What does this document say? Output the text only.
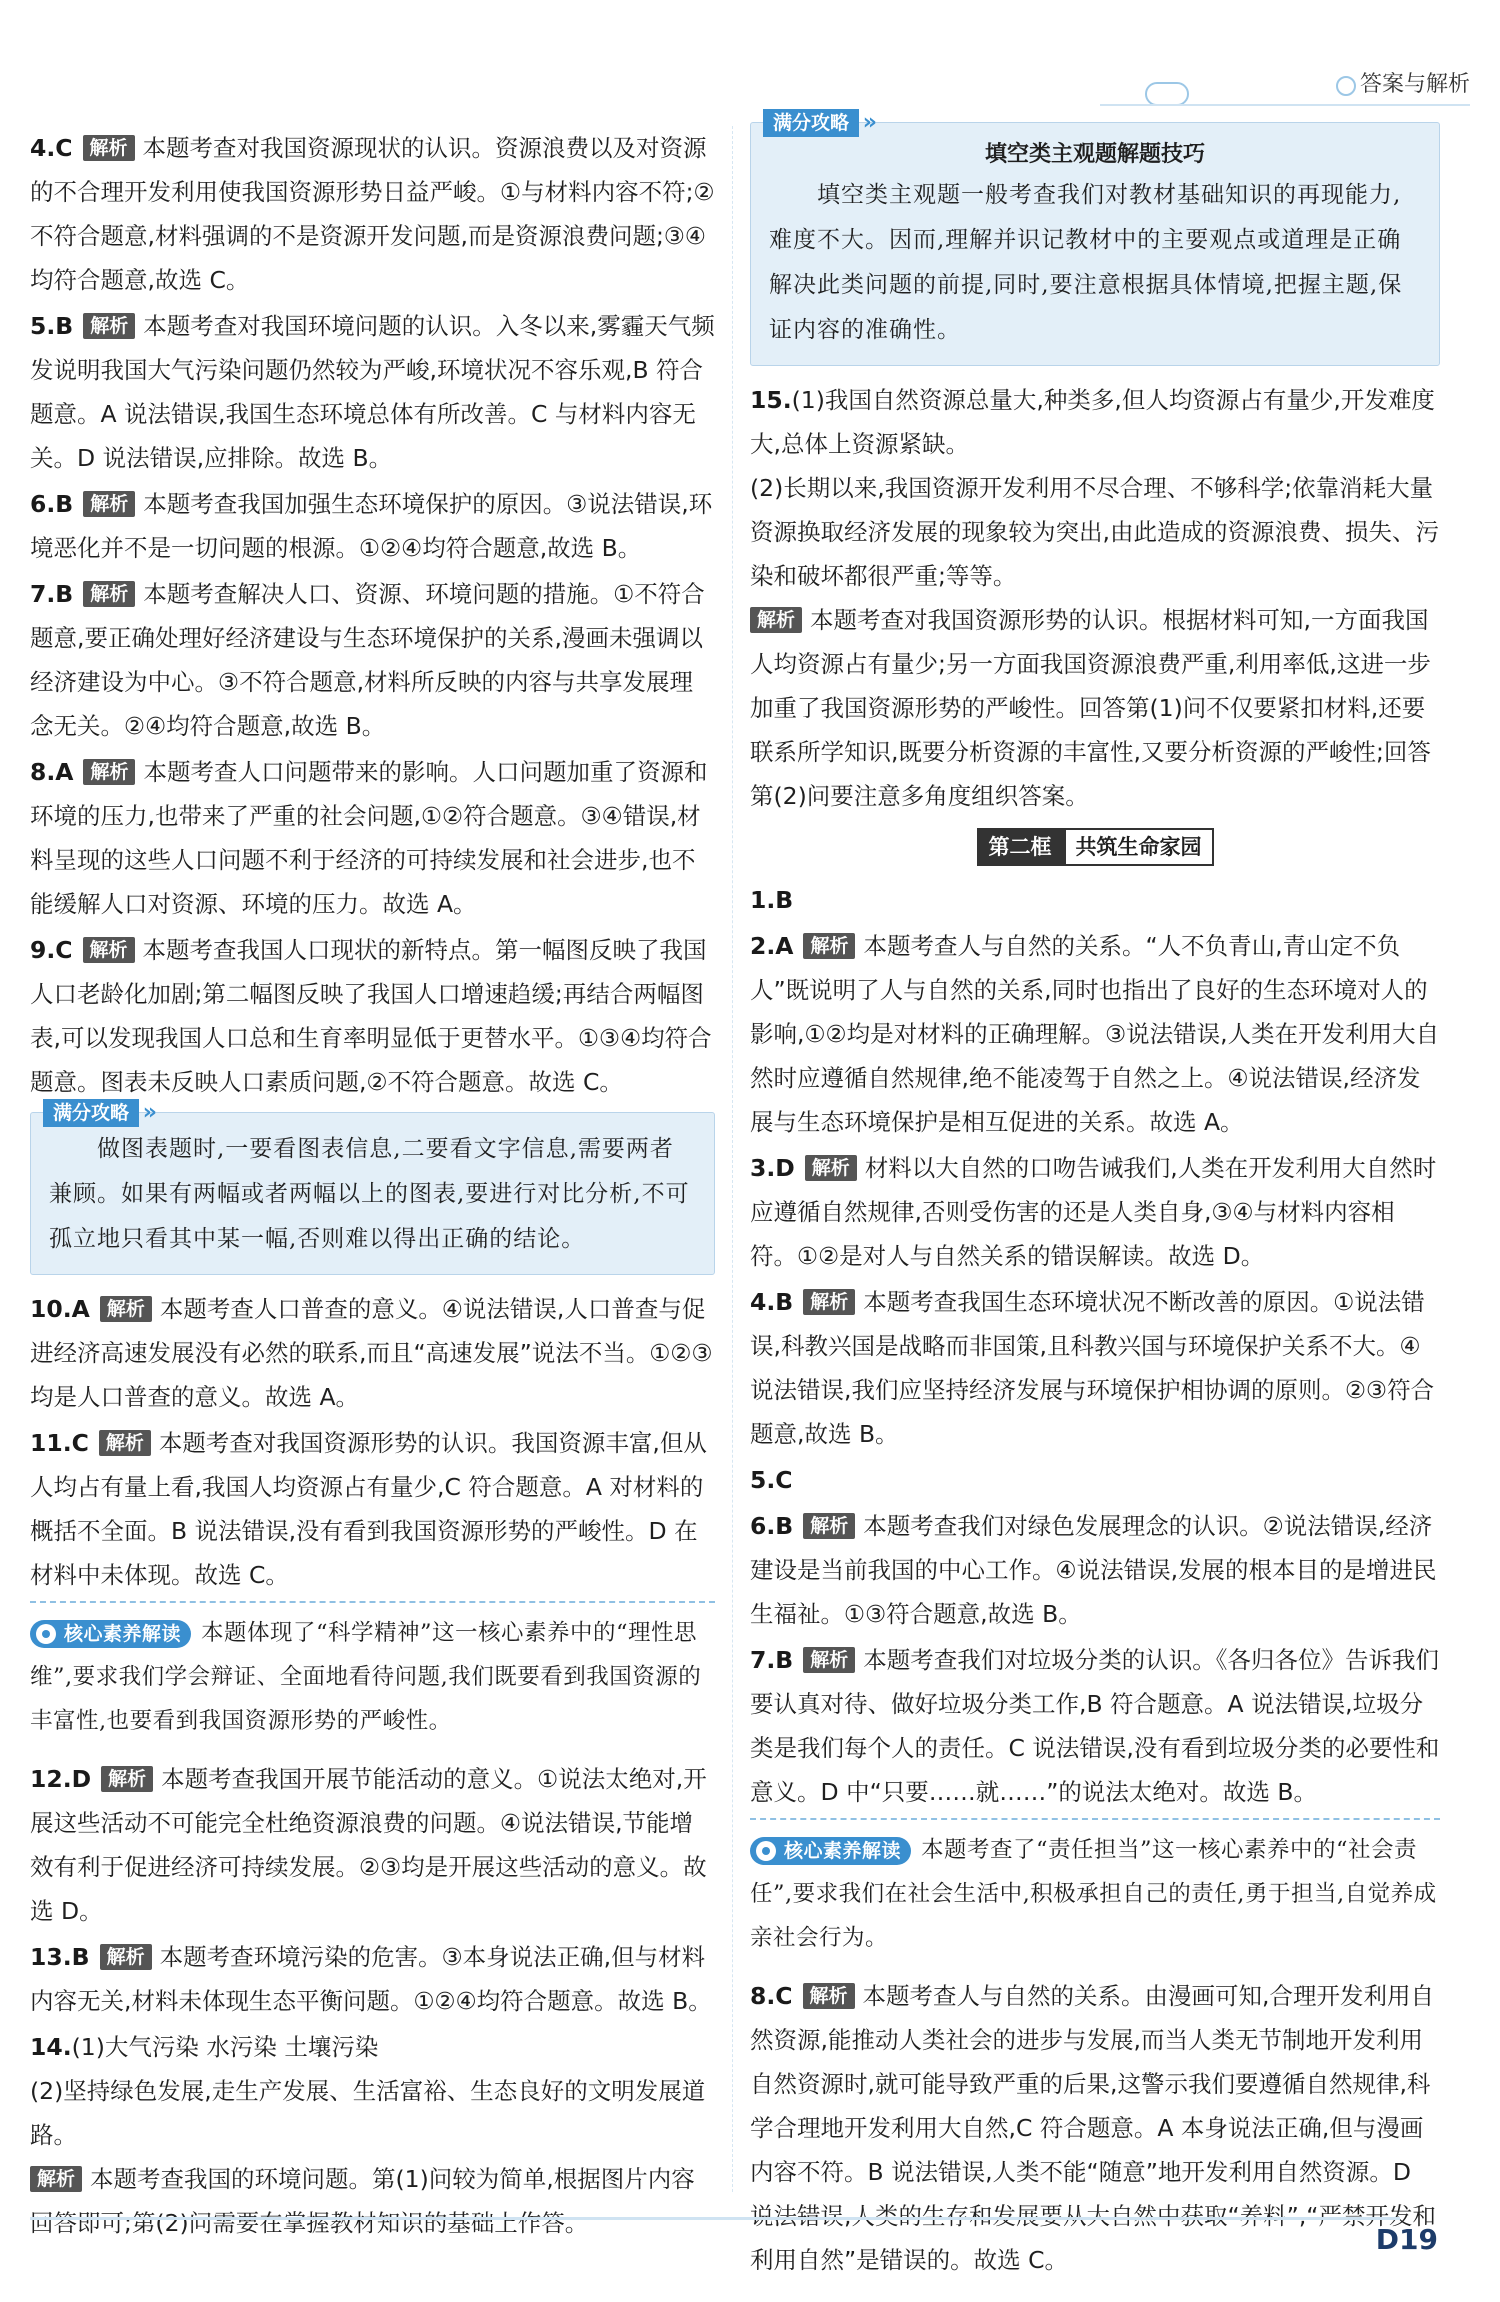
答案与解析
4.C 解析 本题考查对我国资源现状的认识。资源浪费以及对资源的不合理开发利用使我国资源形势日益严峻。①与材料内容不符;②不符合题意,材料强调的不是资源开发问题,而是资源浪费问题;③④均符合题意,故选 C。
5.B 解析 本题考查对我国环境问题的认识。入冬以来,雾霾天气频发说明我国大气污染问题仍然较为严峻,环境状况不容乐观,B 符合题意。A 说法错误,我国生态环境总体有所改善。C 与材料内容无关。D 说法错误,应排除。故选 B。
6.B 解析 本题考查我国加强生态环境保护的原因。③说法错误,环境恶化并不是一切问题的根源。①②④均符合题意,故选 B。
7.B 解析 本题考查解决人口、资源、环境问题的措施。①不符合题意,要正确处理好经济建设与生态环境保护的关系,漫画未强调以经济建设为中心。③不符合题意,材料所反映的内容与共享发展理念无关。②④均符合题意,故选 B。
8.A 解析 本题考查人口问题带来的影响。人口问题加重了资源和环境的压力,也带来了严重的社会问题,①②符合题意。③④错误,材料呈现的这些人口问题不利于经济的可持续发展和社会进步,也不能缓解人口对资源、环境的压力。故选 A。
9.C 解析 本题考查我国人口现状的新特点。第一幅图反映了我国人口老龄化加剧;第二幅图反映了我国人口增速趋缓;再结合两幅图表,可以发现我国人口总和生育率明显低于更替水平。①③④均符合题意。图表未反映人口素质问题,②不符合题意。故选 C。
满分攻略 »

做图表题时,一要看图表信息,二要看文字信息,需要两者兼顾。如果有两幅或者两幅以上的图表,要进行对比分析,不可孤立地只看其中某一幅,否则难以得出正确的结论。

10.A 解析 本题考查人口普查的意义。④说法错误,人口普查与促进经济高速发展没有必然的联系,而且“高速发展”说法不当。①②③均是人口普查的意义。故选 A。
11.C 解析 本题考查对我国资源形势的认识。我国资源丰富,但从人均占有量上看,我国人均资源占有量少,C 符合题意。A 对材料的概括不全面。B 说法错误,没有看到我国资源形势的严峻性。D 在材料中未体现。故选 C。
核心素养解读 本题体现了“科学精神”这一核心素养中的“理性思维”,要求我们学会辩证、全面地看待问题,我们既要看到我国资源的丰富性,也要看到我国资源形势的严峻性。
12.D 解析 本题考查我国开展节能活动的意义。①说法太绝对,开展这些活动不可能完全杜绝资源浪费的问题。④说法错误,节能增效有利于促进经济可持续发展。②③均是开展这些活动的意义。故选 D。
13.B 解析 本题考查环境污染的危害。③本身说法正确,但与材料内容无关,材料未体现生态平衡问题。①②④均符合题意。故选 B。
14.(1)大气污染 水污染 土壤污染
(2)坚持绿色发展,走生产发展、生活富裕、生态良好的文明发展道路。
解析 本题考查我国的环境问题。第(1)问较为简单,根据图片内容回答即可;第(2)问需要在掌握教材知识的基础上作答。
满分攻略 »
填空类主观题解题技巧

填空类主观题一般考查我们对教材基础知识的再现能力,难度不大。因而,理解并识记教材中的主要观点或道理是正确解决此类问题的前提,同时,要注意根据具体情境,把握主题,保证内容的准确性。

15.(1)我国自然资源总量大,种类多,但人均资源占有量少,开发难度大,总体上资源紧缺。
(2)长期以来,我国资源开发利用不尽合理、不够科学;依靠消耗大量资源换取经济发展的现象较为突出,由此造成的资源浪费、损失、污染和破坏都很严重;等等。
解析 本题考查对我国资源形势的认识。根据材料可知,一方面我国人均资源占有量少;另一方面我国资源浪费严重,利用率低,这进一步加重了我国资源形势的严峻性。回答第(1)问不仅要紧扣材料,还要联系所学知识,既要分析资源的丰富性,又要分析资源的严峻性;回答第(2)问要注意多角度组织答案。
第二框 共筑生命家园
1.B
2.A 解析 本题考查人与自然的关系。“人不负青山,青山定不负人”既说明了人与自然的关系,同时也指出了良好的生态环境对人的影响,①②均是对材料的正确理解。③说法错误,人类在开发利用大自然时应遵循自然规律,绝不能凌驾于自然之上。④说法错误,经济发展与生态环境保护是相互促进的关系。故选 A。
3.D 解析 材料以大自然的口吻告诫我们,人类在开发利用大自然时应遵循自然规律,否则受伤害的还是人类自身,③④与材料内容相符。①②是对人与自然关系的错误解读。故选 D。
4.B 解析 本题考查我国生态环境状况不断改善的原因。①说法错误,科教兴国是战略而非国策,且科教兴国与环境保护关系不大。④说法错误,我们应坚持经济发展与环境保护相协调的原则。②③符合题意,故选 B。
5.C
6.B 解析 本题考查我们对绿色发展理念的认识。②说法错误,经济建设是当前我国的中心工作。④说法错误,发展的根本目的是增进民生福祉。①③符合题意,故选 B。
7.B 解析 本题考查我们对垃圾分类的认识。《各归各位》告诉我们要认真对待、做好垃圾分类工作,B 符合题意。A 说法错误,垃圾分类是我们每个人的责任。C 说法错误,没有看到垃圾分类的必要性和意义。D 中“只要……就……”的说法太绝对。故选 B。
核心素养解读 本题考查了“责任担当”这一核心素养中的“社会责任”,要求我们在社会生活中,积极承担自己的责任,勇于担当,自觉养成亲社会行为。
8.C 解析 本题考查人与自然的关系。由漫画可知,合理开发利用自然资源,能推动人类社会的进步与发展,而当人类无节制地开发利用自然资源时,就可能导致严重的后果,这警示我们要遵循自然规律,科学合理地开发利用大自然,C 符合题意。A 本身说法正确,但与漫画内容不符。B 说法错误,人类不能“随意”地开发利用自然资源。D 说法错误,人类的生存和发展要从大自然中获取“养料”,“严禁开发和利用自然”是错误的。故选 C。
D19
